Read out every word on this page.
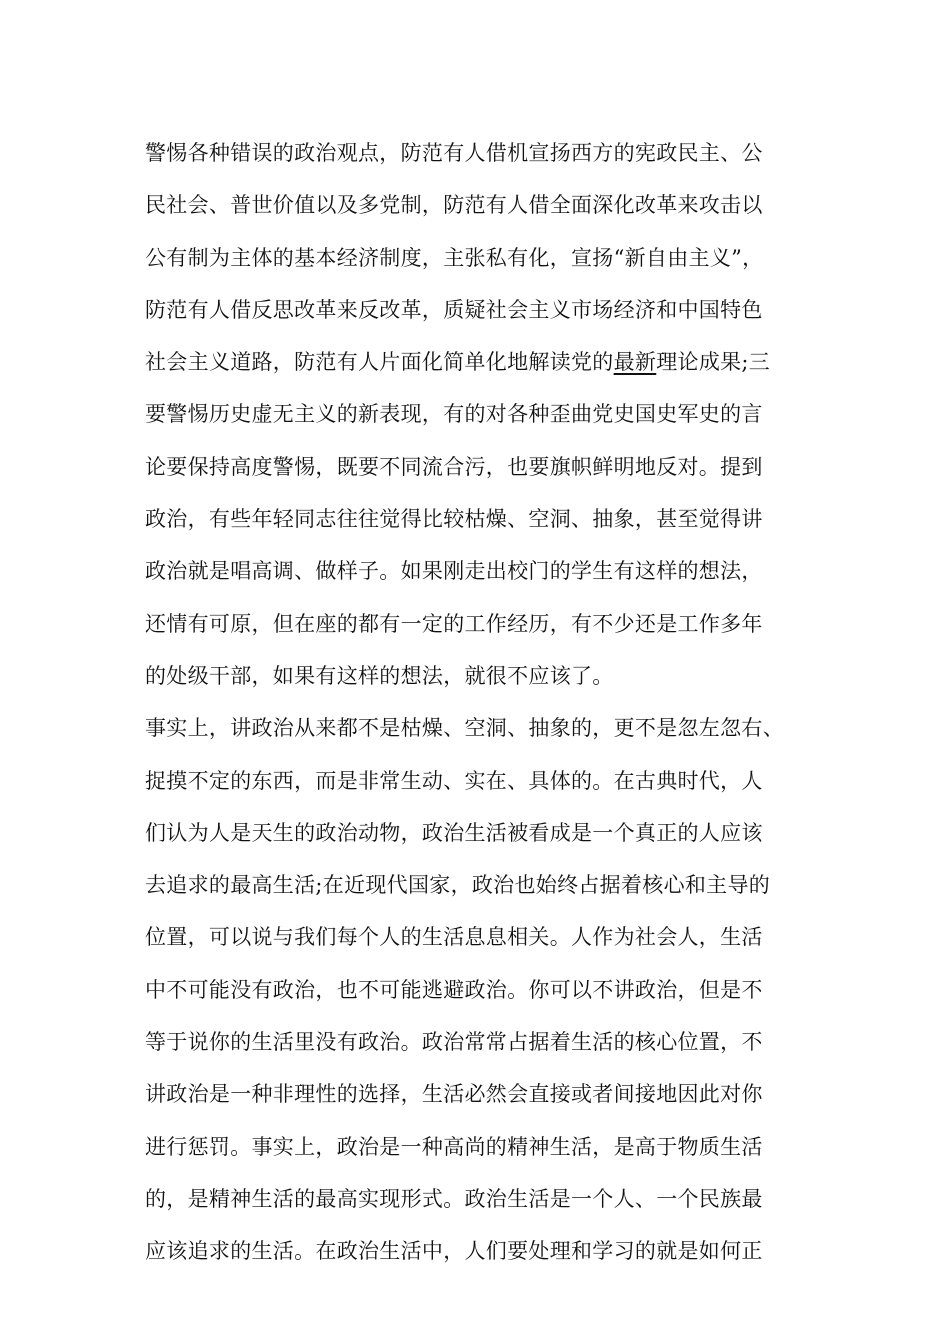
警惕各种错误的政治观点，防范有人借机宣扬西方的宪政民主、公
民社会、普世价值以及多党制，防范有人借全面深化改革来攻击以
公有制为主体的基本经济制度，主张私有化，宣扬“新自由主义”，
防范有人借反思改革来反改革，质疑社会主义市场经济和中国特色
社会主义道路，防范有人片面化简单化地解读党的最新理论成果;三
要警惕历史虚无主义的新表现，有的对各种歪曲党史国史军史的言
论要保持高度警惕，既要不同流合污，也要旗帜鲜明地反对。提到
政治，有些年轻同志往往觉得比较枯燥、空洞、抽象，甚至觉得讲
政治就是唱高调、做样子。如果刚走出校门的学生有这样的想法，
还情有可原，但在座的都有一定的工作经历，有不少还是工作多年
的处级干部，如果有这样的想法，就很不应该了。
事实上，讲政治从来都不是枯燥、空洞、抽象的，更不是忽左忽右、
捉摸不定的东西，而是非常生动、实在、具体的。在古典时代，人
们认为人是天生的政治动物，政治生活被看成是一个真正的人应该
去追求的最高生活;在近现代国家，政治也始终占据着核心和主导的
位置，可以说与我们每个人的生活息息相关。人作为社会人，生活
中不可能没有政治，也不可能逃避政治。你可以不讲政治，但是不
等于说你的生活里没有政治。政治常常占据着生活的核心位置，不
讲政治是一种非理性的选择，生活必然会直接或者间接地因此对你
进行惩罚。事实上，政治是一种高尚的精神生活，是高于物质生活
的，是精神生活的最高实现形式。政治生活是一个人、一个民族最
应该追求的生活。在政治生活中，人们要处理和学习的就是如何正
